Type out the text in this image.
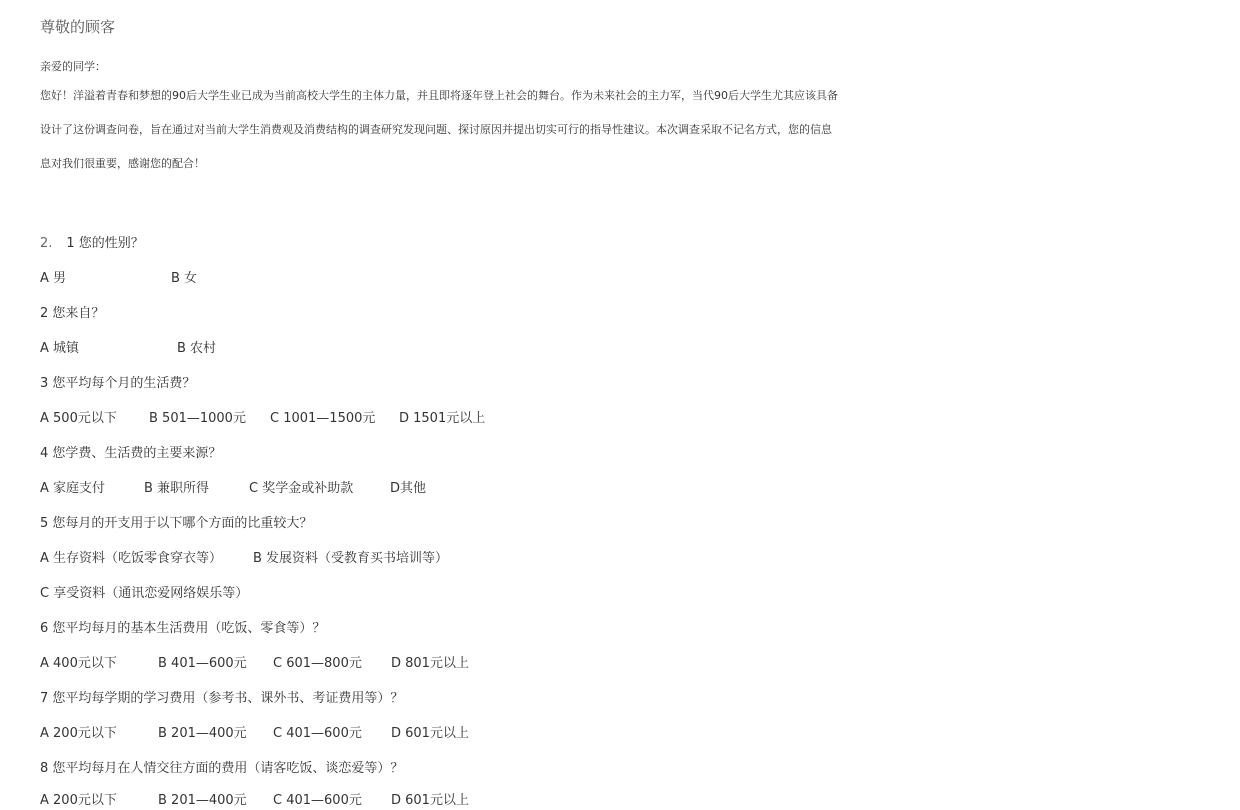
尊敬的顾客
亲爱的同学：
您好！洋溢着青春和梦想的90后大学生业已成为当前高校大学生的主体力量，并且即将逐年登上社会的舞台。作为未来社会的主力军，当代90后大学生尤其应该具备
设计了这份调查问卷，旨在通过对当前大学生消费观及消费结构的调查研究发现问题、探讨原因并提出切实可行的指导性建议。本次调查采取不记名方式，您的信息
息对我们很重要，感谢您的配合！
2. 1 您的性别？
A 男	B 女
2 您来自？
A 城镇	B 农村
3 您平均每个月的生活费？
A 500元以下 B 501—1000元 C 1001—1500元 D 1501元以上
4 您学费、生活费的主要来源？
A 家庭支付	B 兼职所得	C 奖学金或补助款	D其他
5 您每月的开支用于以下哪个方面的比重较大？
A 生存资料（吃饭零食穿衣等） B 发展资料（受教育买书培训等）
C 享受资料（通讯恋爱网络娱乐等）
6 您平均每月的基本生活费用（吃饭、零食等）？
A 400元以下	B 401—600元 C 601—800元 D 801元以上
7 您平均每学期的学习费用（参考书、课外书、考证费用等）？
A 200元以下	B 201—400元 C 401—600元 D 601元以上
8 您平均每月在人情交往方面的费用（请客吃饭、谈恋爱等）？
A 200元以下	B 201—400元 C 401—600元 D 601元以上
